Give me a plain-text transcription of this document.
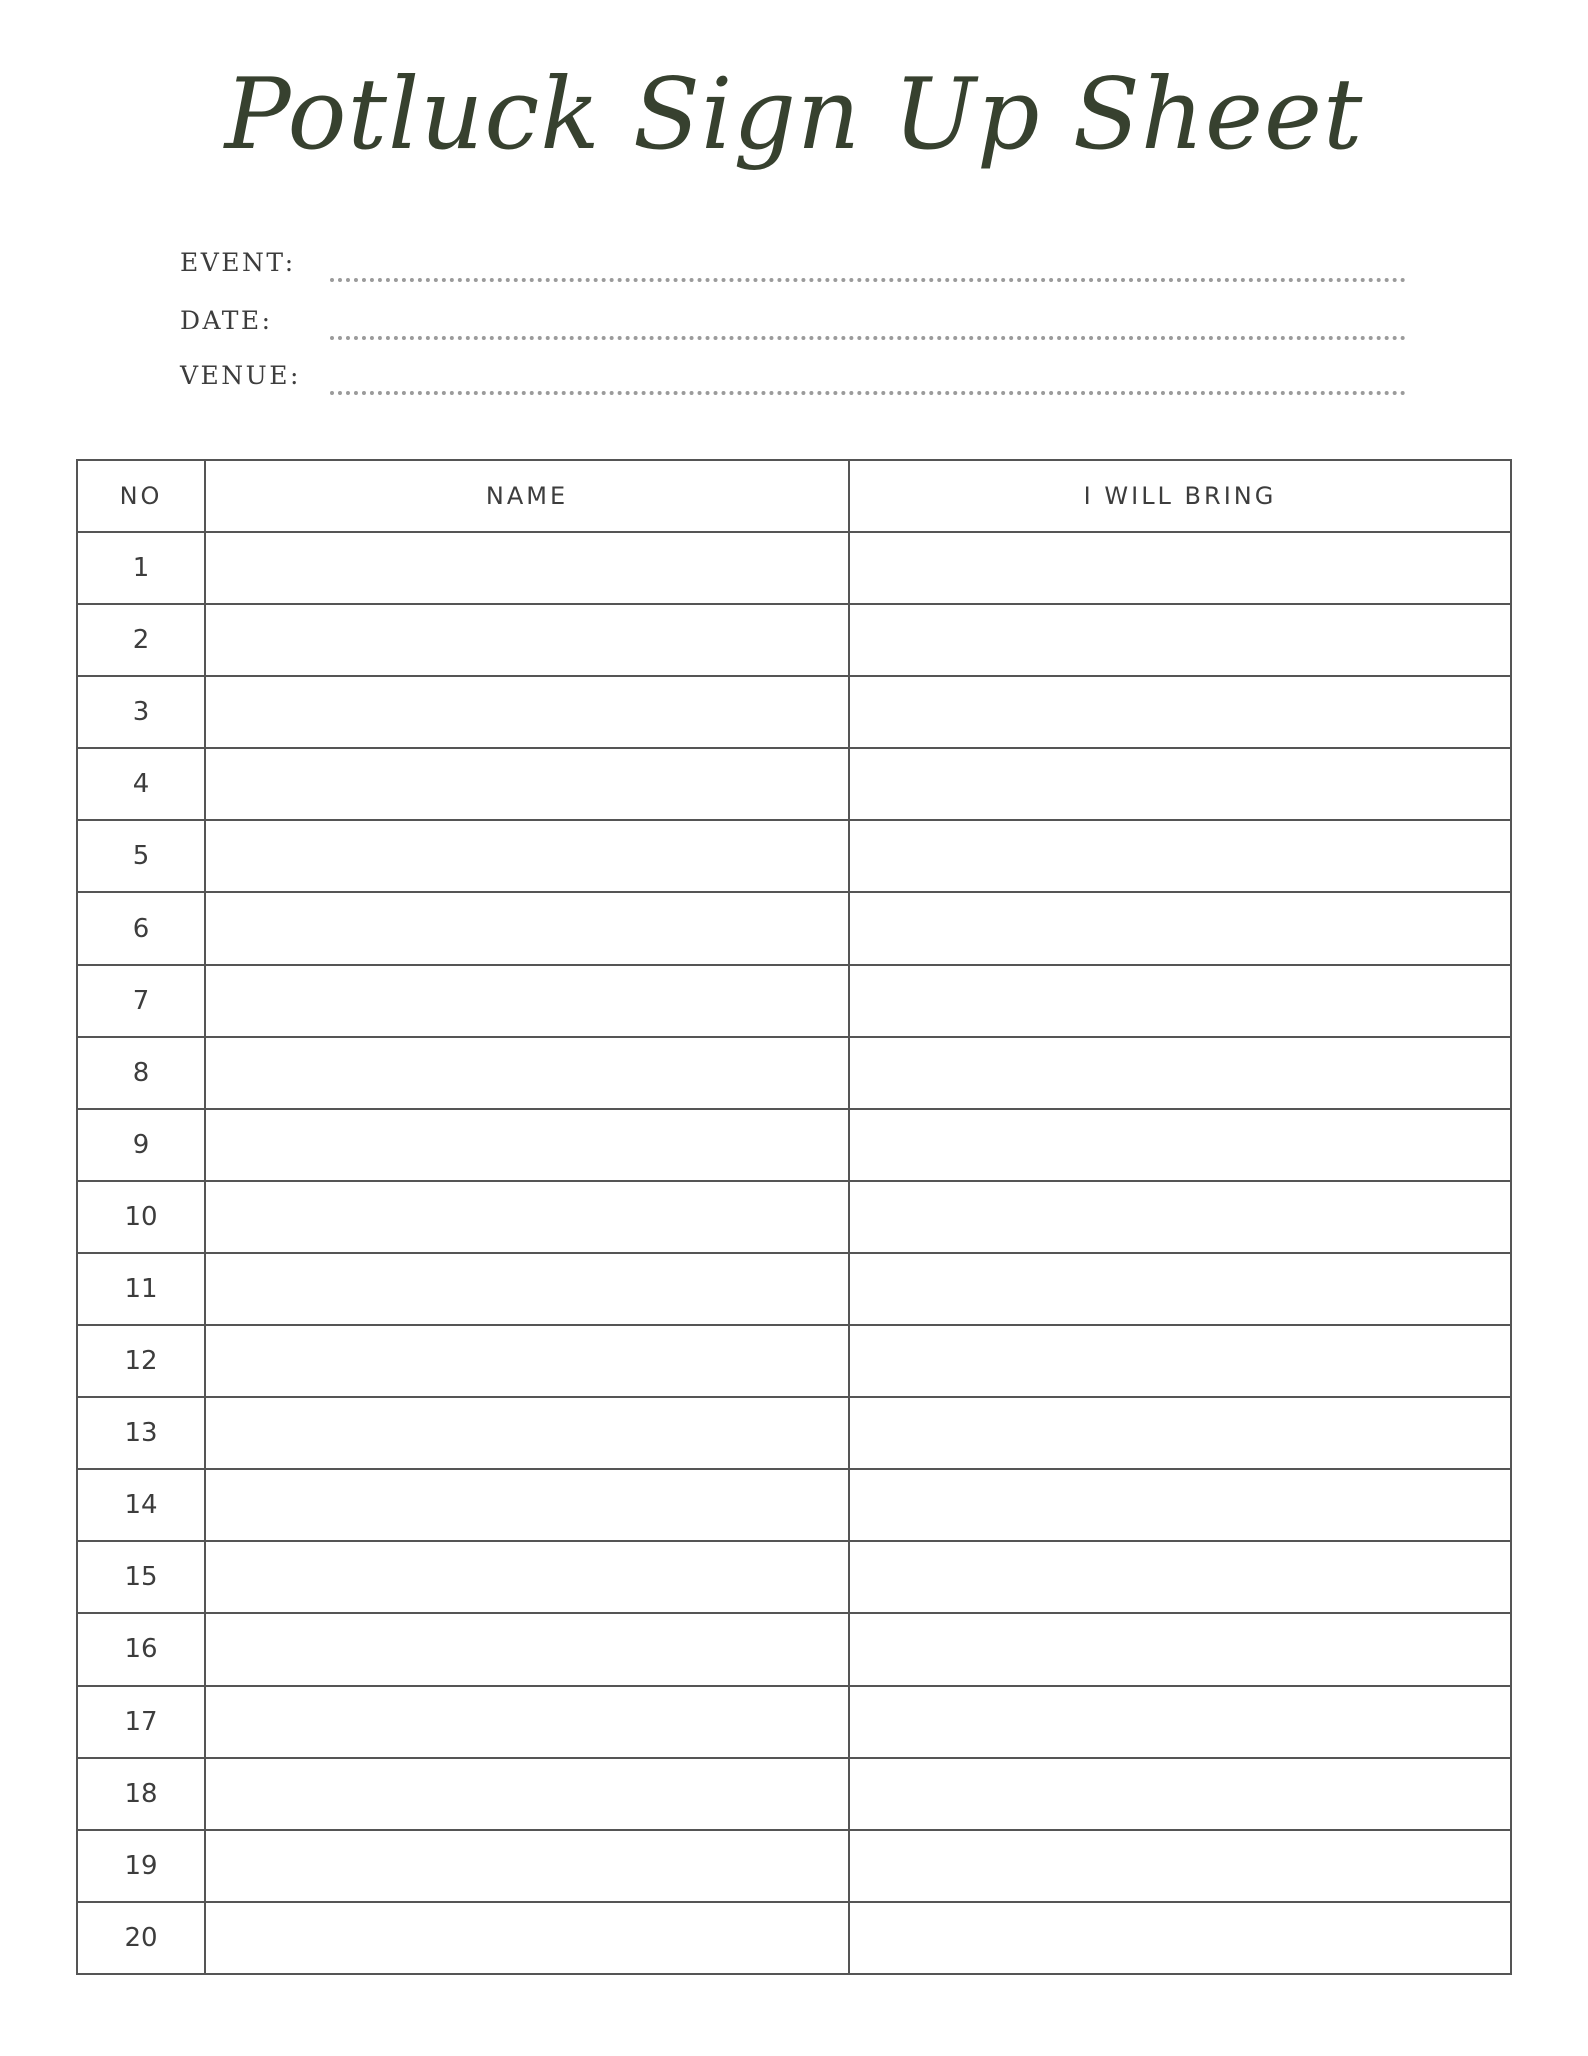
Potluck Sign Up Sheet
EVENT:
DATE:
VENUE:
NO	NAME	I WILL BRING
1		
2		
3		
4		
5		
6		
7		
8		
9		
10		
11		
12		
13		
14		
15		
16		
17		
18		
19		
20		
